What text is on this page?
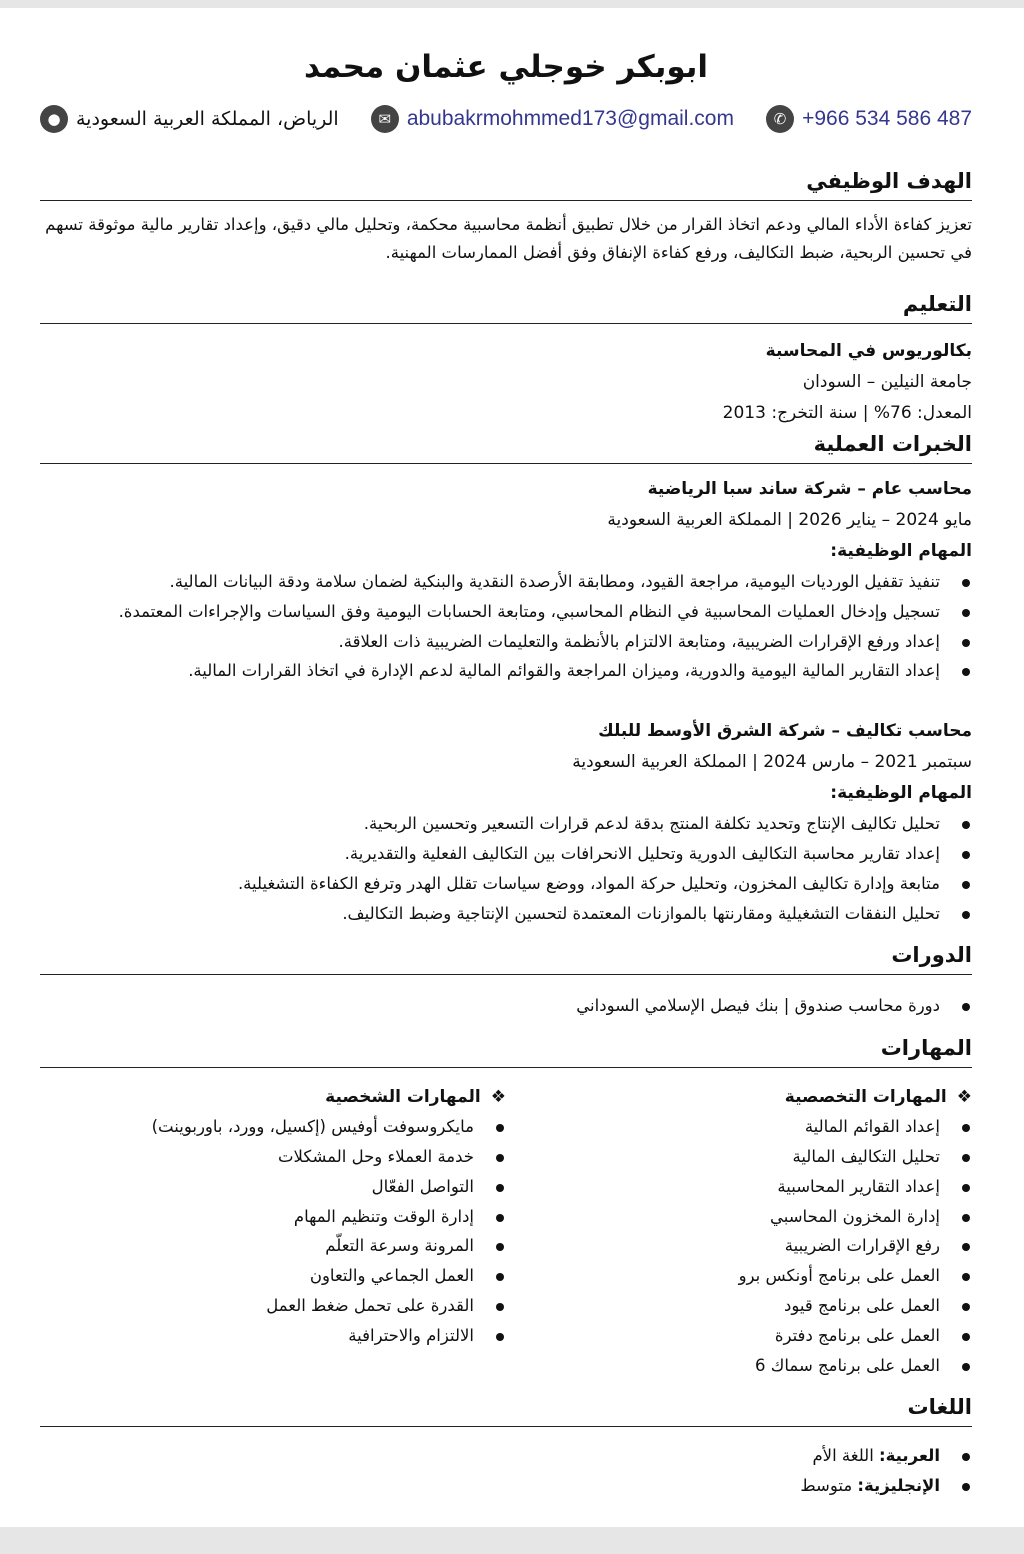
ابوبكر خوجلي عثمان محمد
✆ +966 534 586 487
✉ abubakrmohmmed173@gmail.com
● الرياض، المملكة العربية السعودية
الهدف الوظيفي
تعزيز كفاءة الأداء المالي ودعم اتخاذ القرار من خلال تطبيق أنظمة محاسبية محكمة، وتحليل مالي دقيق، وإعداد تقارير مالية موثوقة تسهم في تحسين الربحية، ضبط التكاليف، ورفع كفاءة الإنفاق وفق أفضل الممارسات المهنية.
التعليم
بكالوريوس في المحاسبة
جامعة النيلين – السودان
المعدل: 76% | سنة التخرج: 2013
الخبرات العملية
محاسب عام – شركة ساند سبا الرياضية
مايو 2024 – يناير 2026 | المملكة العربية السعودية
المهام الوظيفية:
تنفيذ تقفيل الورديات اليومية، مراجعة القيود، ومطابقة الأرصدة النقدية والبنكية لضمان سلامة ودقة البيانات المالية.
تسجيل وإدخال العمليات المحاسبية في النظام المحاسبي، ومتابعة الحسابات اليومية وفق السياسات والإجراءات المعتمدة.
إعداد ورفع الإقرارات الضريبية، ومتابعة الالتزام بالأنظمة والتعليمات الضريبية ذات العلاقة.
إعداد التقارير المالية اليومية والدورية، وميزان المراجعة والقوائم المالية لدعم الإدارة في اتخاذ القرارات المالية.
محاسب تكاليف – شركة الشرق الأوسط للبلك
سبتمبر 2021 – مارس 2024 | المملكة العربية السعودية
المهام الوظيفية:
تحليل تكاليف الإنتاج وتحديد تكلفة المنتج بدقة لدعم قرارات التسعير وتحسين الربحية.
إعداد تقارير محاسبة التكاليف الدورية وتحليل الانحرافات بين التكاليف الفعلية والتقديرية.
متابعة وإدارة تكاليف المخزون، وتحليل حركة المواد، ووضع سياسات تقلل الهدر وترفع الكفاءة التشغيلية.
تحليل النفقات التشغيلية ومقارنتها بالموازنات المعتمدة لتحسين الإنتاجية وضبط التكاليف.
الدورات
دورة محاسب صندوق | بنك فيصل الإسلامي السوداني
المهارات
❖المهارات التخصصية
إعداد القوائم المالية
تحليل التكاليف المالية
إعداد التقارير المحاسبية
إدارة المخزون المحاسبي
رفع الإقرارات الضريبية
العمل على برنامج أونكس برو
العمل على برنامج قيود
العمل على برنامج دفترة
العمل على برنامج سماك 6
❖المهارات الشخصية
مايكروسوفت أوفيس (إكسيل، وورد، باوربوينت)
خدمة العملاء وحل المشكلات
التواصل الفعّال
إدارة الوقت وتنظيم المهام
المرونة وسرعة التعلّم
العمل الجماعي والتعاون
القدرة على تحمل ضغط العمل
الالتزام والاحترافية
اللغات
العربية: اللغة الأم
الإنجليزية: متوسط
